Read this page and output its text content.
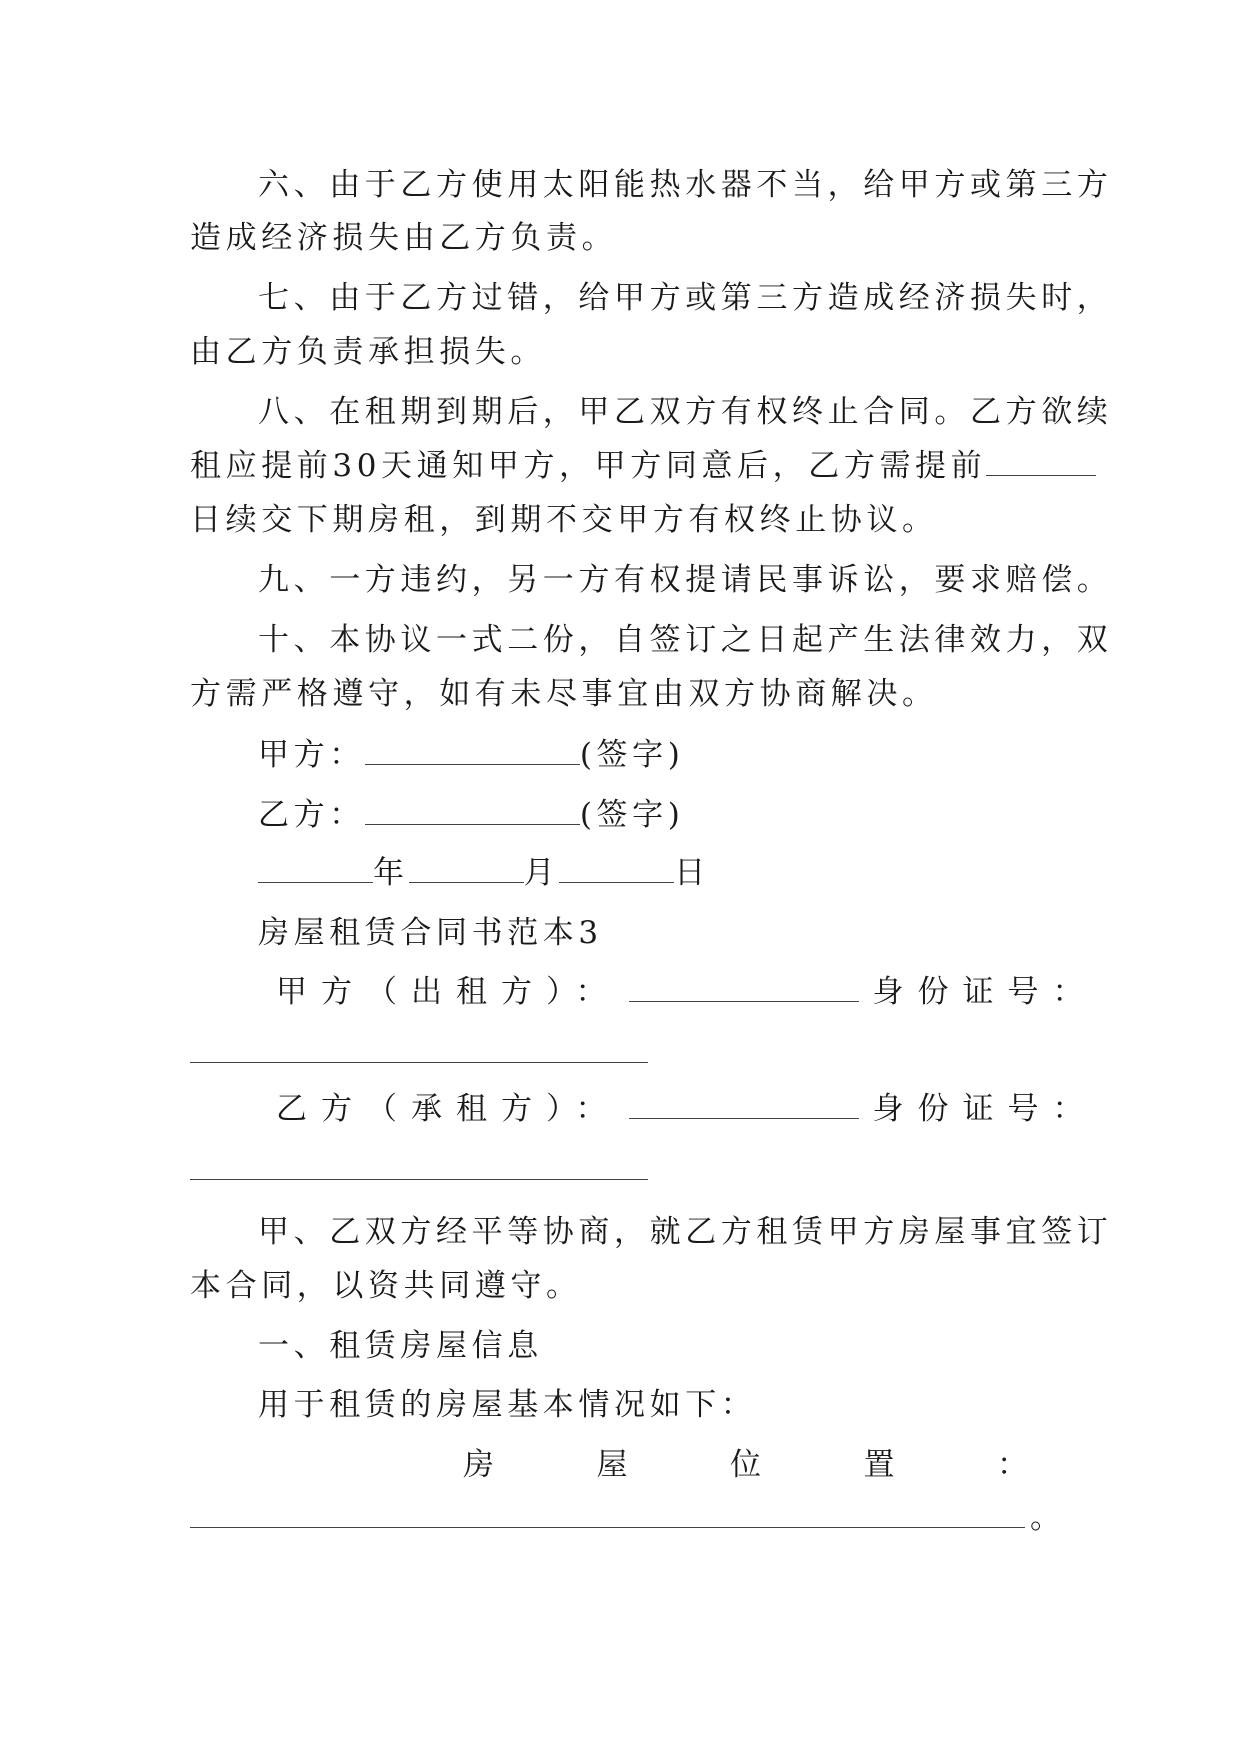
六、由于乙方使用太阳能热水器不当，给甲方或第三方
造成经济损失由乙方负责。
七、由于乙方过错，给甲方或第三方造成经济损失时，
由乙方负责承担损失。
八、在租期到期后，甲乙双方有权终止合同。乙方欲续
租应提前30天通知甲方，甲方同意后，乙方需提前
日续交下期房租，到期不交甲方有权终止协议。
九、一方违约，另一方有权提请民事诉讼，要求赔偿。
十、本协议一式二份，自签订之日起产生法律效力，双
方需严格遵守，如有未尽事宜由双方协商解决。
甲方：	(签字)
乙方：	(签字)
年	月	日
房屋租赁合同书范本3
甲方（出租方）：	身份证号：
乙方（承租方）：	身份证号：
甲、乙双方经平等协商，就乙方租赁甲方房屋事宜签订
本合同，以资共同遵守。
一、租赁房屋信息
用于租赁的房屋基本情况如下：
房屋位置：
。
